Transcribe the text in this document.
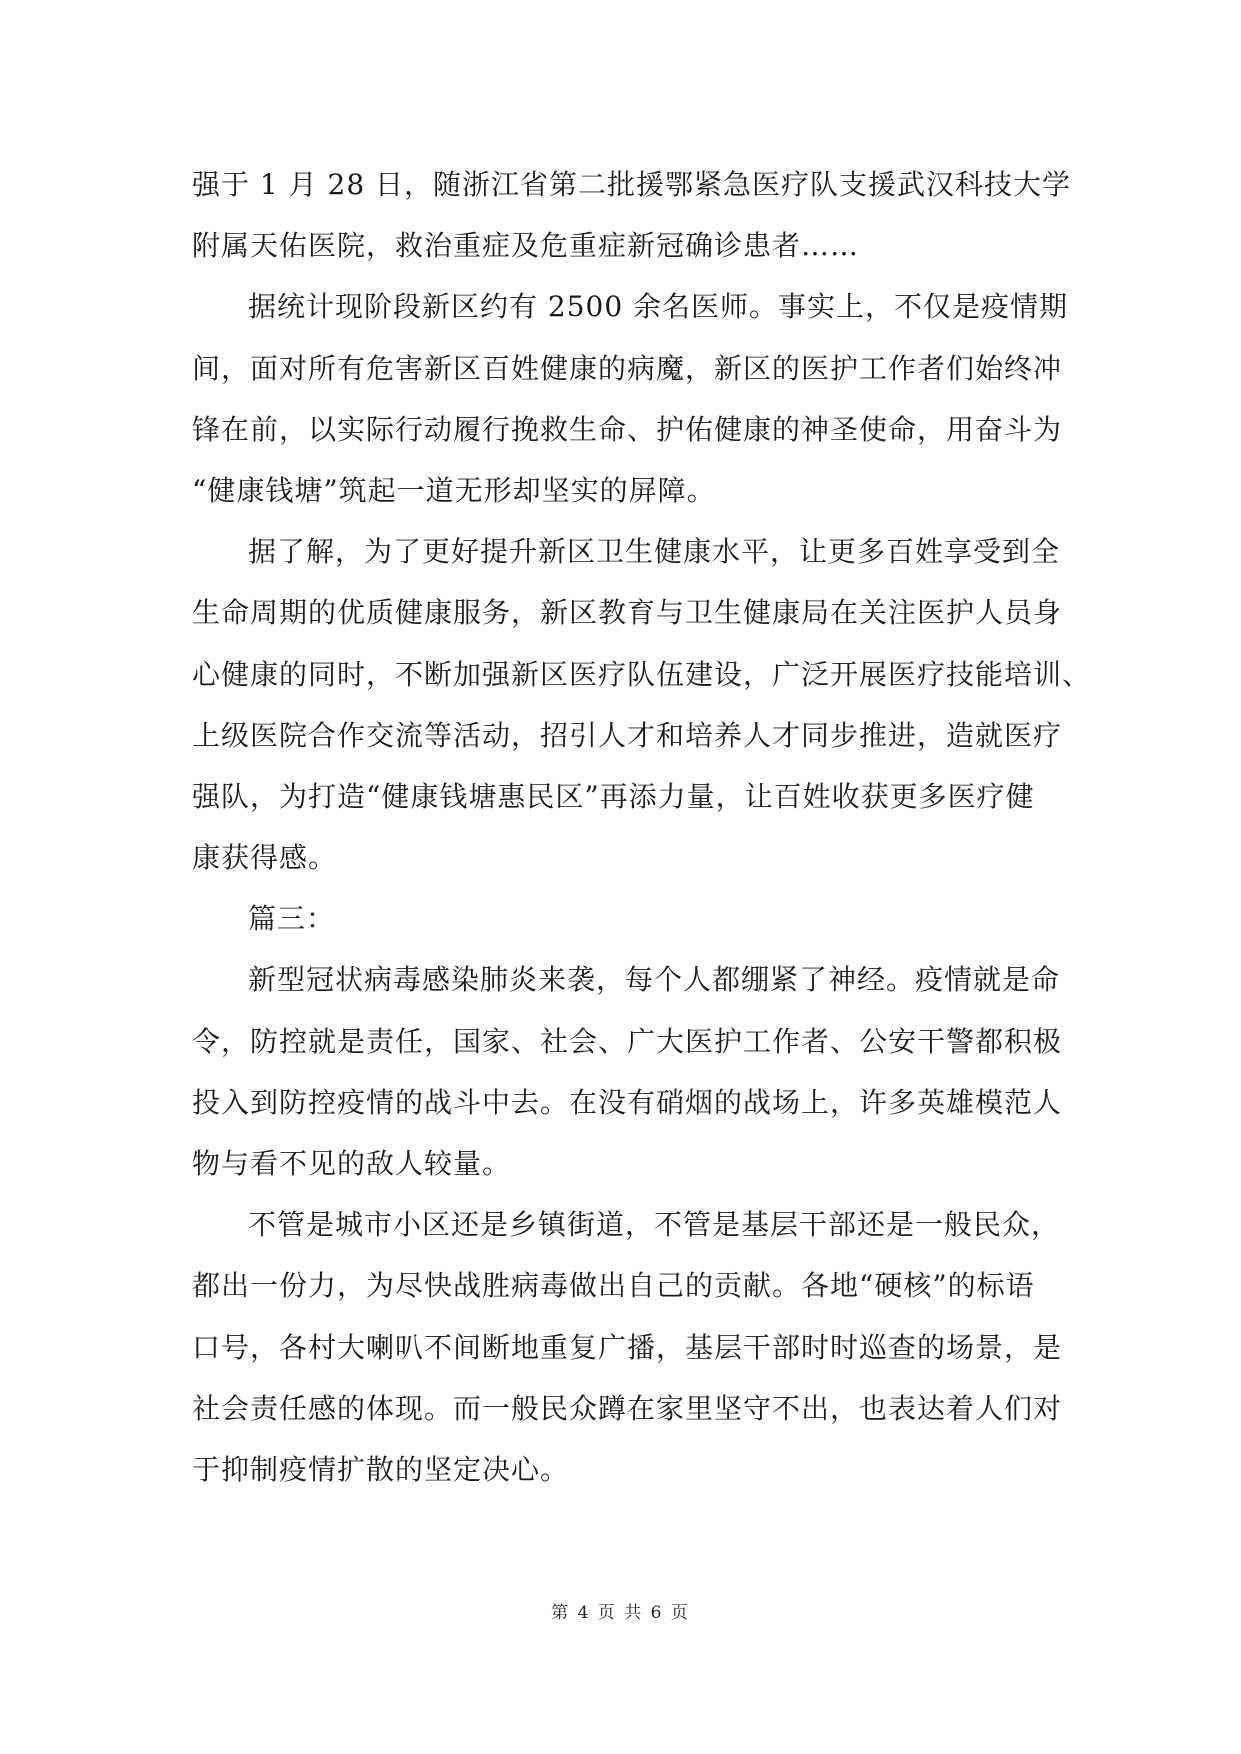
强于 1 月 28 日，随浙江省第二批援鄂紧急医疗队支援武汉科技大学
附属天佑医院，救治重症及危重症新冠确诊患者……
据统计现阶段新区约有 2500 余名医师。事实上，不仅是疫情期
间，面对所有危害新区百姓健康的病魔，新区的医护工作者们始终冲
锋在前，以实际行动履行挽救生命、护佑健康的神圣使命，用奋斗为
“健康钱塘”筑起一道无形却坚实的屏障。
据了解，为了更好提升新区卫生健康水平，让更多百姓享受到全
生命周期的优质健康服务，新区教育与卫生健康局在关注医护人员身
心健康的同时，不断加强新区医疗队伍建设，广泛开展医疗技能培训、
上级医院合作交流等活动，招引人才和培养人才同步推进，造就医疗
强队，为打造“健康钱塘惠民区”再添力量，让百姓收获更多医疗健
康获得感。
篇三：
新型冠状病毒感染肺炎来袭，每个人都绷紧了神经。疫情就是命
令，防控就是责任，国家、社会、广大医护工作者、公安干警都积极
投入到防控疫情的战斗中去。在没有硝烟的战场上，许多英雄模范人
物与看不见的敌人较量。
不管是城市小区还是乡镇街道，不管是基层干部还是一般民众，
都出一份力，为尽快战胜病毒做出自己的贡献。各地“硬核”的标语
口号，各村大喇叭不间断地重复广播，基层干部时时巡查的场景，是
社会责任感的体现。而一般民众蹲在家里坚守不出，也表达着人们对
于抑制疫情扩散的坚定决心。
第 4 页 共 6 页
